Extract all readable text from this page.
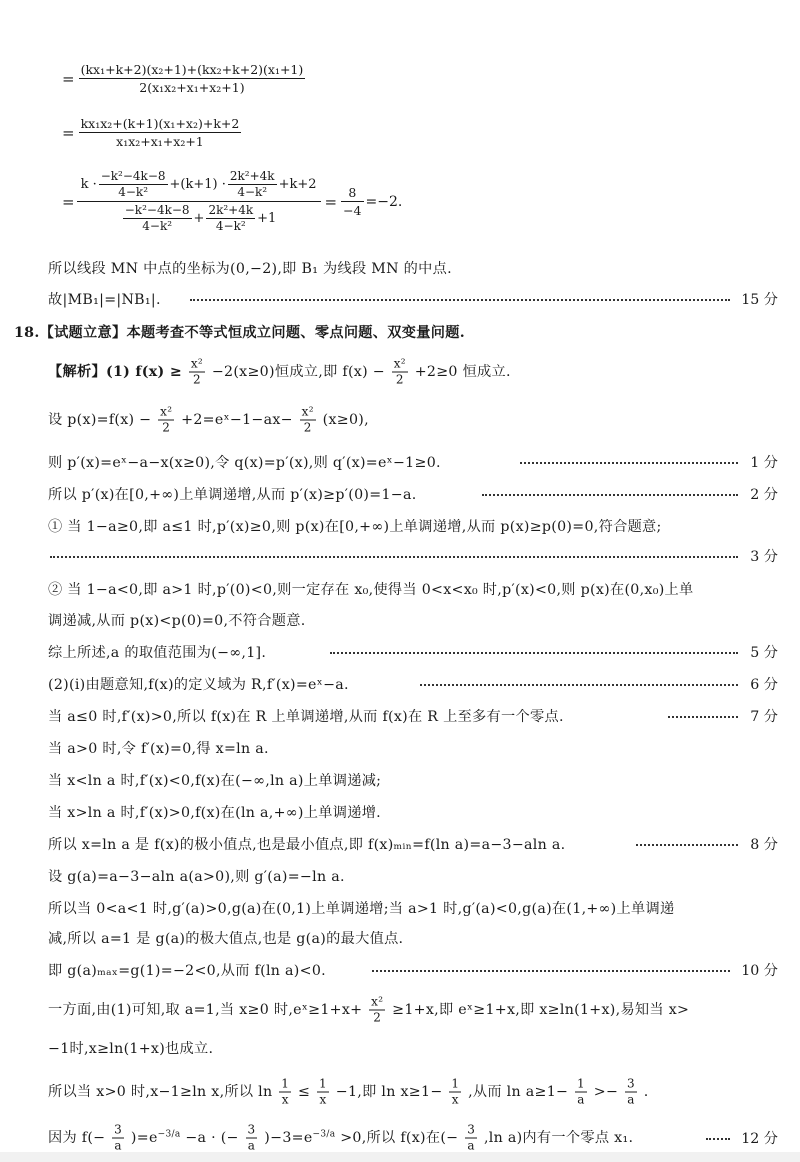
= $\frac{\text{(kx₁+k+2)(x₂+1)+(kx₂+k+2)(x₁+1)}}{\text{2(x₁x₂+x₁+x₂+1)}}$
= $\frac{\text{kx₁x₂+(k+1)(x₁+x₂)+k+2}}{\text{x₁x₂+x₁+x₂+1}}$
=
$k \cdot \frac{\text{−k²−4k−8}}{\text{4−k²}} +(k+1) \cdot \frac{\text{2k²+4k}}{\text{4−k²}} +k+2$
$\frac{\text{−k²−4k−8}}{\text{4−k²}} + \frac{\text{2k²+4k}}{\text{4−k²}} +1$
= $\frac{8}{-4} =-2$.
所以线段 MN 中点的坐标为(0,−2),即 B₁ 为线段 MN 的中点.
故|MB₁|=|NB₁|.	15 分
18.【试题立意】本题考查不等式恒成立问题、零点问题、双变量问题.
【解析】(1) $f(x) \ge \frac{\text{x²}}{2} -2(x\ge 0)$恒成立,即 $f(x) - \frac{\text{x²}}{2} +2\ge 0$ 恒成立.
设 $p(x)=f(x) - \frac{\text{x²}}{2}$ +2=eˣ−1−ax− $\frac{\text{x²}}{2} (x\ge 0)$,
则 p′(x)=eˣ−a−x(x≥0),令 q(x)=p′(x),则 q′(x)=eˣ−1≥0.	1 分
所以 p′(x)在[0,+∞)上单调递增,从而 p′(x)≥p′(0)=1−a.	2 分
① 当 1−a≥0,即 a≤1 时,p′(x)≥0,则 p(x)在[0,+∞)上单调递增,从而 p(x)≥p(0)=0,符合题意;
3 分
② 当 1−a<0,即 a>1 时,p′(0)<0,则一定存在 x₀,使得当 0<x<x₀ 时,p′(x)<0,则 p(x)在(0,x₀)上单
调递减,从而 p(x)<p(0)=0,不符合题意.
综上所述,a 的取值范围为(−∞,1].	5 分
(2)(i)由题意知,f(x)的定义域为 R,f′(x)=eˣ−a.	6 分
当 a≤0 时,f′(x)>0,所以 f(x)在 R 上单调递增,从而 f(x)在 R 上至多有一个零点.	7 分
当 a>0 时,令 f′(x)=0,得 x=ln a.
当 x<ln a 时,f′(x)<0,f(x)在(−∞,ln a)上单调递减;
当 x>ln a 时,f′(x)>0,f(x)在(ln a,+∞)上单调递增.
所以 x=ln a 是 f(x)的极小值点,也是最小值点,即 f(x)ₘᵢₙ=f(ln a)=a−3−aln a.	8 分
设 g(a)=a−3−aln a(a>0),则 g′(a)=−ln a.
所以当 0<a<1 时,g′(a)>0,g(a)在(0,1)上单调递增;当 a>1 时,g′(a)<0,g(a)在(1,+∞)上单调递
减,所以 a=1 是 g(a)的极大值点,也是 g(a)的最大值点.
即 g(a)ₘₐₓ=g(1)=−2<0,从而 f(ln a)<0.	10 分
一方面,由(1)可知,取 a=1,当 x≥0 时,eˣ≥1+x+ $\frac{\text{x²}}{2} \ge 1+x$,即 eˣ≥1+x,即 x≥ln(1+x),易知当 x>
−1时,x≥ln(1+x)也成立.
所以当 x>0 时,x−1≥ln x,所以 $\ln \frac{1}{x} \le \frac{1}{x} -1$,即 $\ln x\ge 1- \frac{1}{x}$ ,从而 $\ln a\ge 1- \frac{1}{a} >- \frac{3}{a}$ .
因为 $f(- \frac{3}{a} )=e^{-3/a} -a$ · (− $\frac{3}{a} )-3=e^{-3/a} >0$,所以 f(x)在(− $\frac{3}{a} ,\ln$ a)内有一个零点 x₁.	12 分
